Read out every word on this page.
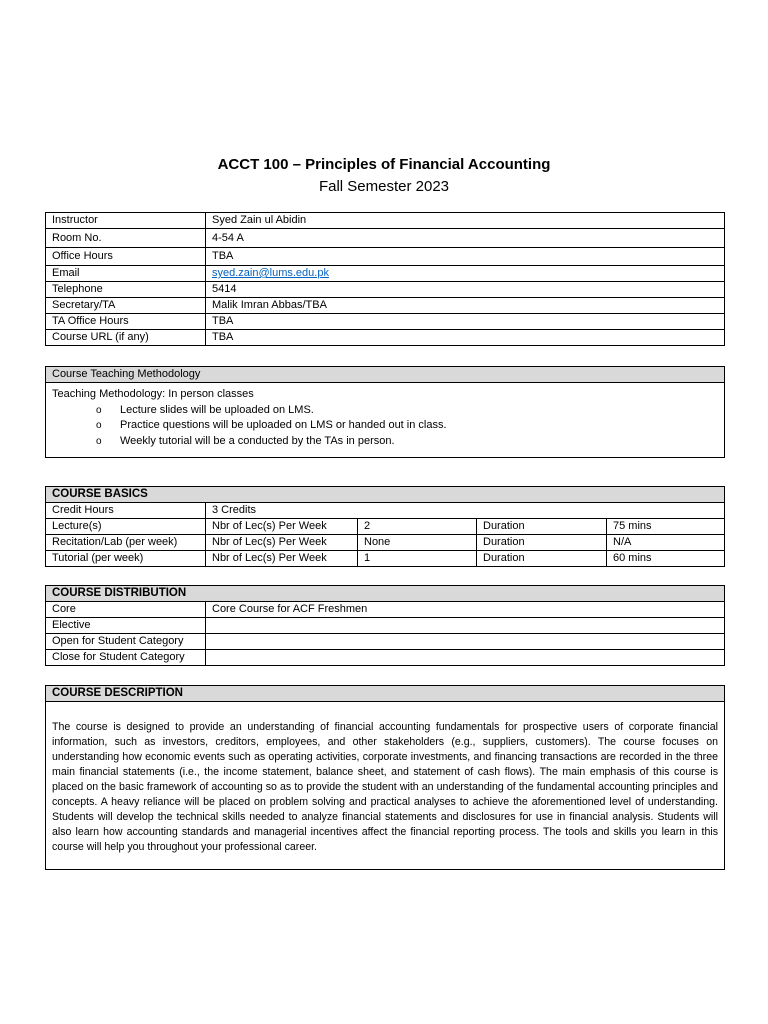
ACCT 100 – Principles of Financial Accounting
Fall Semester 2023
Instructor	Syed Zain ul Abidin
Room No.	4-54 A
Office Hours	TBA
Email	syed.zain@lums.edu.pk
Telephone	5414
Secretary/TA	Malik Imran Abbas/TBA
TA Office Hours	TBA
Course URL (if any)	TBA
Course Teaching Methodology

Teaching Methodology: In person classes
o	Lecture slides will be uploaded on LMS.
o	Practice questions will be uploaded on LMS or handed out in class.
o	Weekly tutorial will be a conducted by the TAs in person.
COURSE BASICS				
Credit Hours	3 Credits			
Lecture(s)	Nbr of Lec(s) Per Week	2	Duration	75 mins
Recitation/Lab (per week)	Nbr of Lec(s) Per Week	None	Duration	N/A
Tutorial (per week)	Nbr of Lec(s) Per Week	1	Duration	60 mins
COURSE DISTRIBUTION	
Core	Core Course for ACF Freshmen
Elective	
Open for Student Category	
Close for Student Category	
COURSE DESCRIPTION
The course is designed to provide an understanding of financial accounting fundamentals for prospective users of corporate financial information, such as investors, creditors, employees, and other stakeholders (e.g., suppliers, customers). The course focuses on understanding how economic events such as operating activities, corporate investments, and financing transactions are recorded in the three main financial statements (i.e., the income statement, balance sheet, and statement of cash flows). The main emphasis of this course is placed on the basic framework of accounting so as to provide the student with an understanding of the fundamental accounting principles and concepts. A heavy reliance will be placed on problem solving and practical analyses to achieve the aforementioned level of understanding. Students will develop the technical skills needed to analyze financial statements and disclosures for use in financial analysis. Students will also learn how accounting standards and managerial incentives affect the financial reporting process. The tools and skills you learn in this course will help you throughout your professional career.
